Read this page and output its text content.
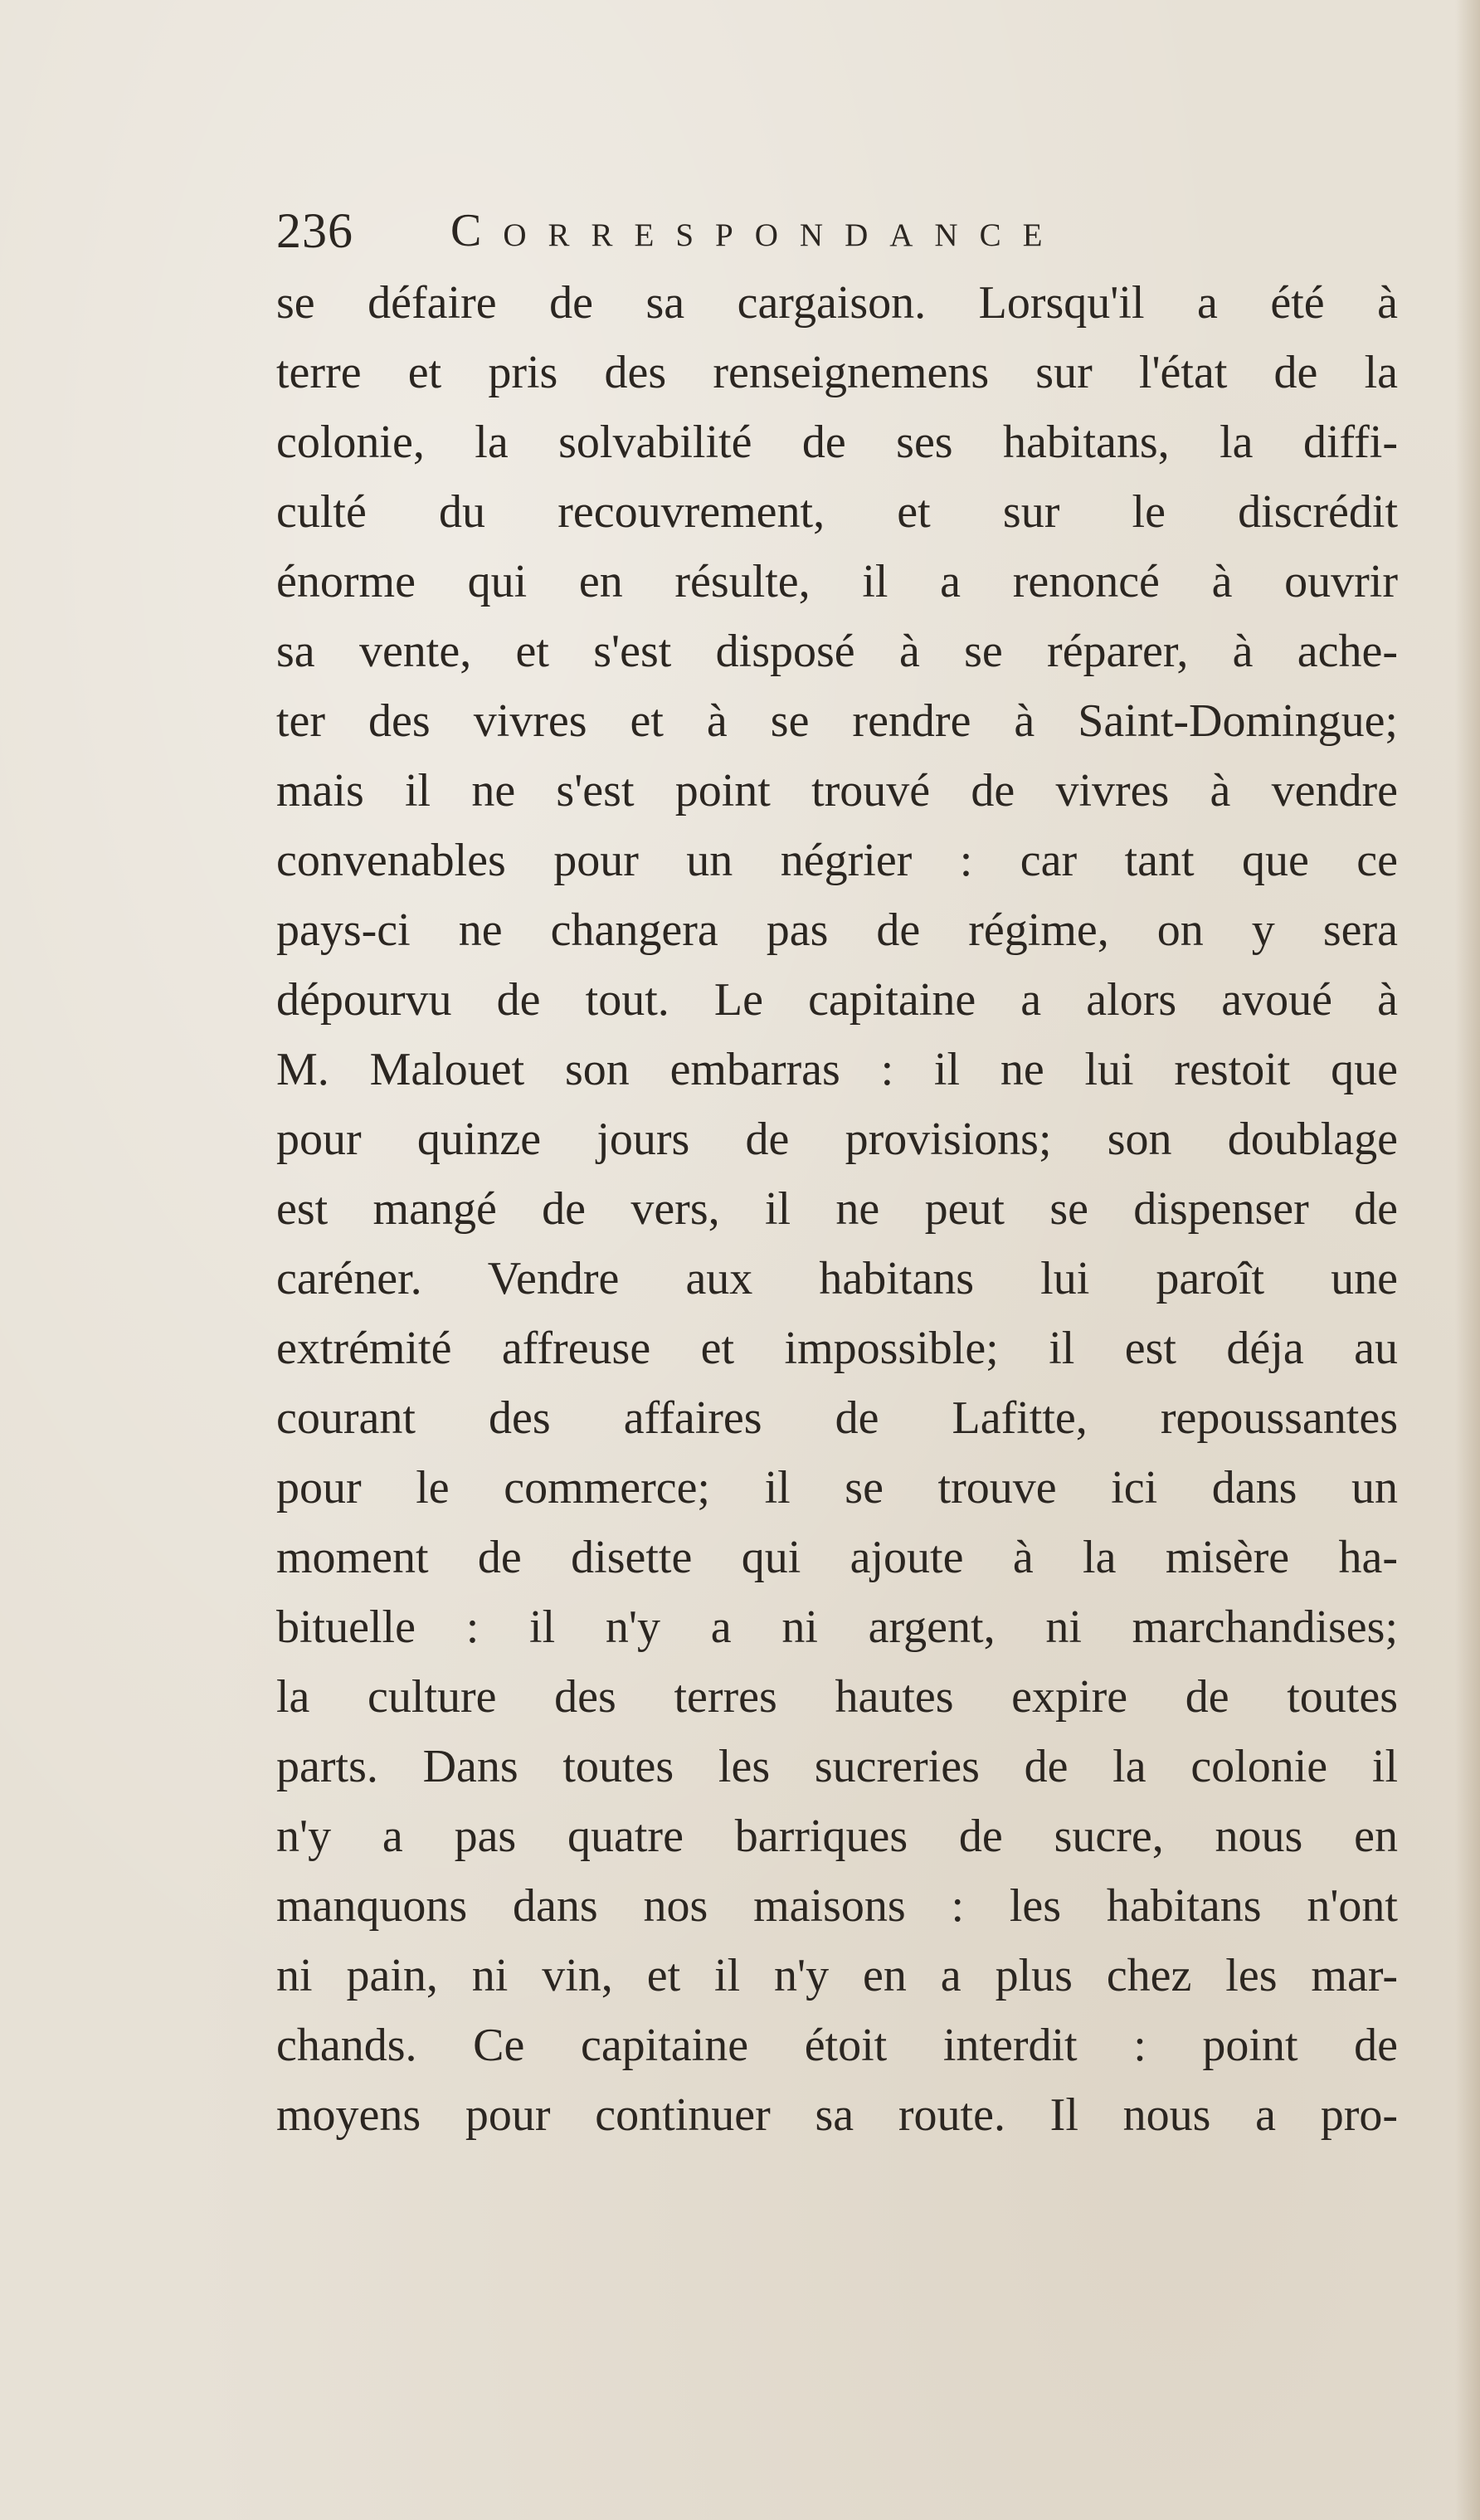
236 Correspondance
se défaire de sa cargaison. Lorsqu'il a été à
terre et pris des renseignemens sur l'état de la
colonie, la solvabilité de ses habitans, la diffi-
culté du recouvrement, et sur le discrédit
énorme qui en résulte, il a renoncé à ouvrir
sa vente, et s'est disposé à se réparer, à ache-
ter des vivres et à se rendre à Saint-Domingue;
mais il ne s'est point trouvé de vivres à vendre
convenables pour un négrier : car tant que ce
pays-ci ne changera pas de régime, on y sera
dépourvu de tout. Le capitaine a alors avoué à
M. Malouet son embarras : il ne lui restoit que
pour quinze jours de provisions; son doublage
est mangé de vers, il ne peut se dispenser de
caréner. Vendre aux habitans lui paroît une
extrémité affreuse et impossible; il est déja au
courant des affaires de Lafitte, repoussantes
pour le commerce; il se trouve ici dans un
moment de disette qui ajoute à la misère ha-
bituelle : il n'y a ni argent, ni marchandises;
la culture des terres hautes expire de toutes
parts. Dans toutes les sucreries de la colonie il
n'y a pas quatre barriques de sucre, nous en
manquons dans nos maisons : les habitans n'ont
ni pain, ni vin, et il n'y en a plus chez les mar-
chands. Ce capitaine étoit interdit : point de
moyens pour continuer sa route. Il nous a pro-
